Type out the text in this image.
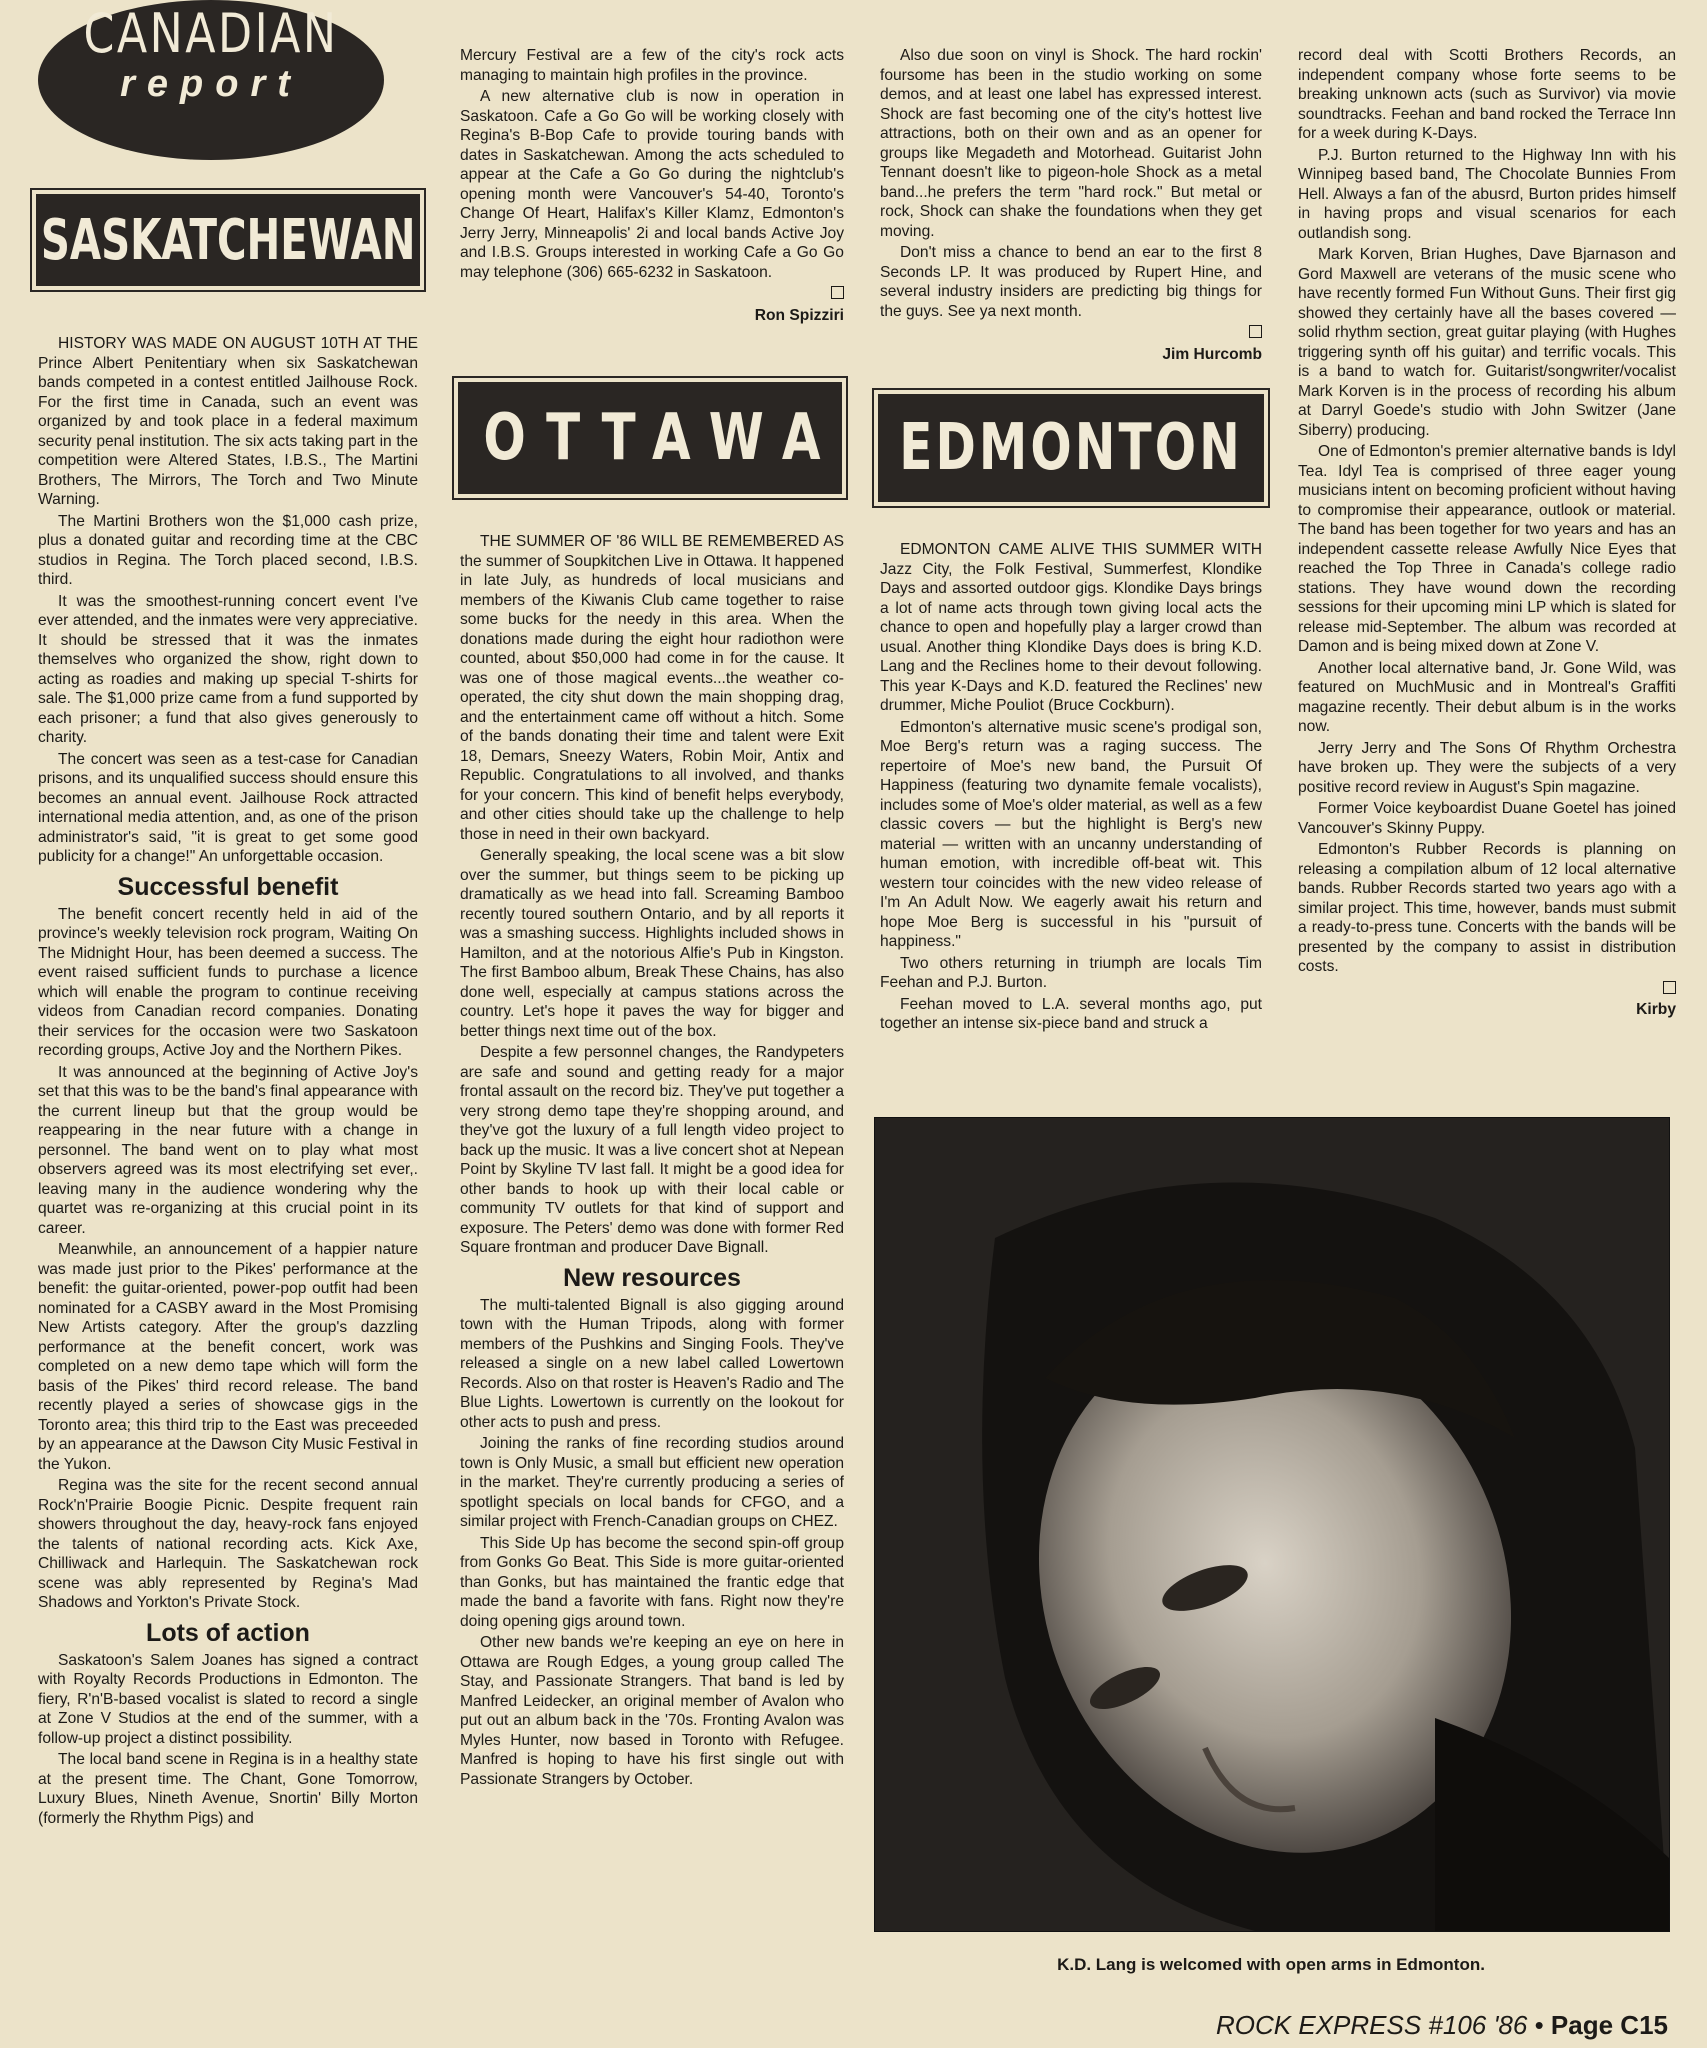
CANADIAN
report
SASKATCHEWAN
OTTAWA EDMONTON

HISTORY WAS MADE ON AUGUST 10TH AT THE Prince Albert Penitentiary when six Saskatchewan bands competed in a contest entitled Jailhouse Rock. For the first time in Canada, such an event was organized by and took place in a federal maximum security penal institution. The six acts taking part in the competition were Altered States, I.B.S., The Martini Brothers, The Mirrors, The Torch and Two Minute Warning.

The Martini Brothers won the $1,000 cash prize, plus a donated guitar and recording time at the CBC studios in Regina. The Torch placed second, I.B.S. third.

It was the smoothest-running concert event I've ever attended, and the inmates were very appreciative. It should be stressed that it was the inmates themselves who organized the show, right down to acting as roadies and making up special T-shirts for sale. The $1,000 prize came from a fund supported by each prisoner; a fund that also gives generously to charity.

The concert was seen as a test-case for Canadian prisons, and its unqualified success should ensure this becomes an annual event. Jailhouse Rock attracted international media attention, and, as one of the prison administrator's said, "it is great to get some good publicity for a change!" An unforgettable occasion.

Successful benefit

The benefit concert recently held in aid of the province's weekly television rock program, Waiting On The Midnight Hour, has been deemed a success. The event raised sufficient funds to purchase a licence which will enable the program to continue receiving videos from Canadian record companies. Donating their services for the occasion were two Saskatoon recording groups, Active Joy and the Northern Pikes.

It was announced at the beginning of Active Joy's set that this was to be the band's final appearance with the current lineup but that the group would be reappearing in the near future with a change in personnel. The band went on to play what most observers agreed was its most electrifying set ever,. leaving many in the audience wondering why the quartet was re-organizing at this crucial point in its career.

Meanwhile, an announcement of a happier nature was made just prior to the Pikes' performance at the benefit: the guitar-oriented, power-pop outfit had been nominated for a CASBY award in the Most Promising New Artists category. After the group's dazzling performance at the benefit concert, work was completed on a new demo tape which will form the basis of the Pikes' third record release. The band recently played a series of showcase gigs in the Toronto area; this third trip to the East was preceeded by an appearance at the Dawson City Music Festival in the Yukon.

Regina was the site for the recent second annual Rock'n'Prairie Boogie Picnic. Despite frequent rain showers throughout the day, heavy-rock fans enjoyed the talents of national recording acts. Kick Axe, Chilliwack and Harlequin. The Saskatchewan rock scene was ably represented by Regina's Mad Shadows and Yorkton's Private Stock.

Lots of action

Saskatoon's Salem Joanes has signed a contract with Royalty Records Productions in Edmonton. The fiery, R'n'B-based vocalist is slated to record a single at Zone V Studios at the end of the summer, with a follow-up project a distinct possibility.

The local band scene in Regina is in a healthy state at the present time. The Chant, Gone Tomorrow, Luxury Blues, Nineth Avenue, Snortin' Billy Morton (formerly the Rhythm Pigs) and

Mercury Festival are a few of the city's rock acts managing to maintain high profiles in the province.

A new alternative club is now in operation in Saskatoon. Cafe a Go Go will be working closely with Regina's B-Bop Cafe to provide touring bands with dates in Saskatchewan. Among the acts scheduled to appear at the Cafe a Go Go during the nightclub's opening month were Vancouver's 54-40, Toronto's Change Of Heart, Halifax's Killer Klamz, Edmonton's Jerry Jerry, Minneapolis' 2i and local bands Active Joy and I.B.S. Groups interested in working Cafe a Go Go may telephone (306) 665-6232 in Saskatoon.

Ron Spizziri

THE SUMMER OF '86 WILL BE REMEMBERED AS the summer of Soupkitchen Live in Ottawa. It happened in late July, as hundreds of local musicians and members of the Kiwanis Club came together to raise some bucks for the needy in this area. When the donations made during the eight hour radiothon were counted, about $50,000 had come in for the cause. It was one of those magical events...the weather co-operated, the city shut down the main shopping drag, and the entertainment came off without a hitch. Some of the bands donating their time and talent were Exit 18, Demars, Sneezy Waters, Robin Moir, Antix and Republic. Congratulations to all involved, and thanks for your concern. This kind of benefit helps everybody, and other cities should take up the challenge to help those in need in their own backyard.

Generally speaking, the local scene was a bit slow over the summer, but things seem to be picking up dramatically as we head into fall. Screaming Bamboo recently toured southern Ontario, and by all reports it was a smashing success. Highlights included shows in Hamilton, and at the notorious Alfie's Pub in Kingston. The first Bamboo album, Break These Chains, has also done well, especially at campus stations across the country. Let's hope it paves the way for bigger and better things next time out of the box.

Despite a few personnel changes, the Randypeters are safe and sound and getting ready for a major frontal assault on the record biz. They've put together a very strong demo tape they're shopping around, and they've got the luxury of a full length video project to back up the music. It was a live concert shot at Nepean Point by Skyline TV last fall. It might be a good idea for other bands to hook up with their local cable or community TV outlets for that kind of support and exposure. The Peters' demo was done with former Red Square frontman and producer Dave Bignall.

New resources

The multi-talented Bignall is also gigging around town with the Human Tripods, along with former members of the Pushkins and Singing Fools. They've released a single on a new label called Lowertown Records. Also on that roster is Heaven's Radio and The Blue Lights. Lowertown is currently on the lookout for other acts to push and press.

Joining the ranks of fine recording studios around town is Only Music, a small but efficient new operation in the market. They're currently producing a series of spotlight specials on local bands for CFGO, and a similar project with French-Canadian groups on CHEZ.

This Side Up has become the second spin-off group from Gonks Go Beat. This Side is more guitar-oriented than Gonks, but has maintained the frantic edge that made the band a favorite with fans. Right now they're doing opening gigs around town.

Other new bands we're keeping an eye on here in Ottawa are Rough Edges, a young group called The Stay, and Passionate Strangers. That band is led by Manfred Leidecker, an original member of Avalon who put out an album back in the '70s. Fronting Avalon was Myles Hunter, now based in Toronto with Refugee. Manfred is hoping to have his first single out with Passionate Strangers by October.

Also due soon on vinyl is Shock. The hard rockin' foursome has been in the studio working on some demos, and at least one label has expressed interest. Shock are fast becoming one of the city's hottest live attractions, both on their own and as an opener for groups like Megadeth and Motorhead. Guitarist John Tennant doesn't like to pigeon-hole Shock as a metal band...he prefers the term "hard rock." But metal or rock, Shock can shake the foundations when they get moving.

Don't miss a chance to bend an ear to the first 8 Seconds LP. It was produced by Rupert Hine, and several industry insiders are predicting big things for the guys. See ya next month.

Jim Hurcomb

EDMONTON CAME ALIVE THIS SUMMER WITH Jazz City, the Folk Festival, Summerfest, Klondike Days and assorted outdoor gigs. Klondike Days brings a lot of name acts through town giving local acts the chance to open and hopefully play a larger crowd than usual. Another thing Klondike Days does is bring K.D. Lang and the Reclines home to their devout following. This year K-Days and K.D. featured the Reclines' new drummer, Miche Pouliot (Bruce Cockburn).

Edmonton's alternative music scene's prodigal son, Moe Berg's return was a raging success. The repertoire of Moe's new band, the Pursuit Of Happiness (featuring two dynamite female vocalists), includes some of Moe's older material, as well as a few classic covers — but the highlight is Berg's new material — written with an uncanny understanding of human emotion, with incredible off-beat wit. This western tour coincides with the new video release of I'm An Adult Now. We eagerly await his return and hope Moe Berg is successful in his "pursuit of happiness."

Two others returning in triumph are locals Tim Feehan and P.J. Burton.

Feehan moved to L.A. several months ago, put together an intense six-piece band and struck a

record deal with Scotti Brothers Records, an independent company whose forte seems to be breaking unknown acts (such as Survivor) via movie soundtracks. Feehan and band rocked the Terrace Inn for a week during K-Days.

P.J. Burton returned to the Highway Inn with his Winnipeg based band, The Chocolate Bunnies From Hell. Always a fan of the abusrd, Burton prides himself in having props and visual scenarios for each outlandish song.

Mark Korven, Brian Hughes, Dave Bjarnason and Gord Maxwell are veterans of the music scene who have recently formed Fun Without Guns. Their first gig showed they certainly have all the bases covered — solid rhythm section, great guitar playing (with Hughes triggering synth off his guitar) and terrific vocals. This is a band to watch for. Guitarist/songwriter/vocalist Mark Korven is in the process of recording his album at Darryl Goede's studio with John Switzer (Jane Siberry) producing.

One of Edmonton's premier alternative bands is Idyl Tea. Idyl Tea is comprised of three eager young musicians intent on becoming proficient without having to compromise their appearance, outlook or material. The band has been together for two years and has an independent cassette release Awfully Nice Eyes that reached the Top Three in Canada's college radio stations. They have wound down the recording sessions for their upcoming mini LP which is slated for release mid-September. The album was recorded at Damon and is being mixed down at Zone V.

Another local alternative band, Jr. Gone Wild, was featured on MuchMusic and in Montreal's Graffiti magazine recently. Their debut album is in the works now.

Jerry Jerry and The Sons Of Rhythm Orchestra have broken up. They were the subjects of a very positive record review in August's Spin magazine.

Former Voice keyboardist Duane Goetel has joined Vancouver's Skinny Puppy.

Edmonton's Rubber Records is planning on releasing a compilation album of 12 local alternative bands. Rubber Records started two years ago with a similar project. This time, however, bands must submit a ready-to-press tune. Concerts with the bands will be presented by the company to assist in distribution costs.

Kirby
K.D. Lang is welcomed with open arms in Edmonton.
ROCK EXPRESS #106 '86 • Page C15
